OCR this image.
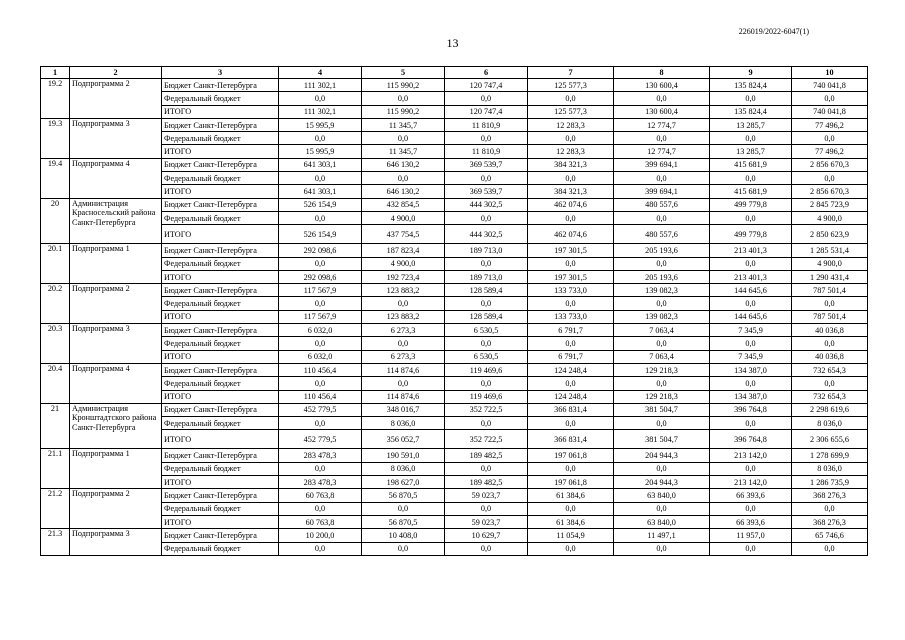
226019/2022-6047(1)
13
1	2	3	4	5	6	7	8	9	10
19.2	Подпрограмма 2	Бюджет Санкт-Петербурга	111 302,1	115 990,2	120 747,4	125 577,3	130 600,4	135 824,4	740 041,8
		Федеральный бюджет	0,0	0,0	0,0	0,0	0,0	0,0	0,0
		ИТОГО	111 302,1	115 990,2	120 747,4	125 577,3	130 600,4	135 824,4	740 041,8
19.3	Подпрограмма 3	Бюджет Санкт-Петербурга	15 995,9	11 345,7	11 810,9	12 283,3	12 774,7	13 285,7	77 496,2
		Федеральный бюджет	0,0	0,0	0,0	0,0	0,0	0,0	0,0
		ИТОГО	15 995,9	11 345,7	11 810,9	12 283,3	12 774,7	13 285,7	77 496,2
19.4	Подпрограмма 4	Бюджет Санкт-Петербурга	641 303,1	646 130,2	369 539,7	384 321,3	399 694,1	415 681,9	2 856 670,3
		Федеральный бюджет	0,0	0,0	0,0	0,0	0,0	0,0	0,0
		ИТОГО	641 303,1	646 130,2	369 539,7	384 321,3	399 694,1	415 681,9	2 856 670,3
20	Администрация Красносельский района Санкт-Петербурга	Бюджет Санкт-Петербурга	526 154,9	432 854,5	444 302,5	462 074,6	480 557,6	499 779,8	2 845 723,9
		Федеральный бюджет	0,0	4 900,0	0,0	0,0	0,0	0,0	4 900,0
		ИТОГО	526 154,9	437 754,5	444 302,5	462 074,6	480 557,6	499 779,8	2 850 623,9
20.1	Подпрограмма 1	Бюджет Санкт-Петербурга	292 098,6	187 823,4	189 713,0	197 301,5	205 193,6	213 401,3	1 285 531,4
		Федеральный бюджет	0,0	4 900,0	0,0	0,0	0,0	0,0	4 900,0
		ИТОГО	292 098,6	192 723,4	189 713,0	197 301,5	205 193,6	213 401,3	1 290 431,4
20.2	Подпрограмма 2	Бюджет Санкт-Петербурга	117 567,9	123 883,2	128 589,4	133 733,0	139 082,3	144 645,6	787 501,4
		Федеральный бюджет	0,0	0,0	0,0	0,0	0,0	0,0	0,0
		ИТОГО	117 567,9	123 883,2	128 589,4	133 733,0	139 082,3	144 645,6	787 501,4
20.3	Подпрограмма 3	Бюджет Санкт-Петербурга	6 032,0	6 273,3	6 530,5	6 791,7	7 063,4	7 345,9	40 036,8
		Федеральный бюджет	0,0	0,0	0,0	0,0	0,0	0,0	0,0
		ИТОГО	6 032,0	6 273,3	6 530,5	6 791,7	7 063,4	7 345,9	40 036,8
20.4	Подпрограмма 4	Бюджет Санкт-Петербурга	110 456,4	114 874,6	119 469,6	124 248,4	129 218,3	134 387,0	732 654,3
		Федеральный бюджет	0,0	0,0	0,0	0,0	0,0	0,0	0,0
		ИТОГО	110 456,4	114 874,6	119 469,6	124 248,4	129 218,3	134 387,0	732 654,3
21	Администрация Кронштадтского района Санкт-Петербурга	Бюджет Санкт-Петербурга	452 779,5	348 016,7	352 722,5	366 831,4	381 504,7	396 764,8	2 298 619,6
		Федеральный бюджет	0,0	8 036,0	0,0	0,0	0,0	0,0	8 036,0
		ИТОГО	452 779,5	356 052,7	352 722,5	366 831,4	381 504,7	396 764,8	2 306 655,6
21.1	Подпрограмма 1	Бюджет Санкт-Петербурга	283 478,3	190 591,0	189 482,5	197 061,8	204 944,3	213 142,0	1 278 699,9
		Федеральный бюджет	0,0	8 036,0	0,0	0,0	0,0	0,0	8 036,0
		ИТОГО	283 478,3	198 627,0	189 482,5	197 061,8	204 944,3	213 142,0	1 286 735,9
21.2	Подпрограмма 2	Бюджет Санкт-Петербурга	60 763,8	56 870,5	59 023,7	61 384,6	63 840,0	66 393,6	368 276,3
		Федеральный бюджет	0,0	0,0	0,0	0,0	0,0	0,0	0,0
		ИТОГО	60 763,8	56 870,5	59 023,7	61 384,6	63 840,0	66 393,6	368 276,3
21.3	Подпрограмма 3	Бюджет Санкт-Петербурга	10 200,0	10 408,0	10 629,7	11 054,9	11 497,1	11 957,0	65 746,6
		Федеральный бюджет	0,0	0,0	0,0	0,0	0,0	0,0	0,0
